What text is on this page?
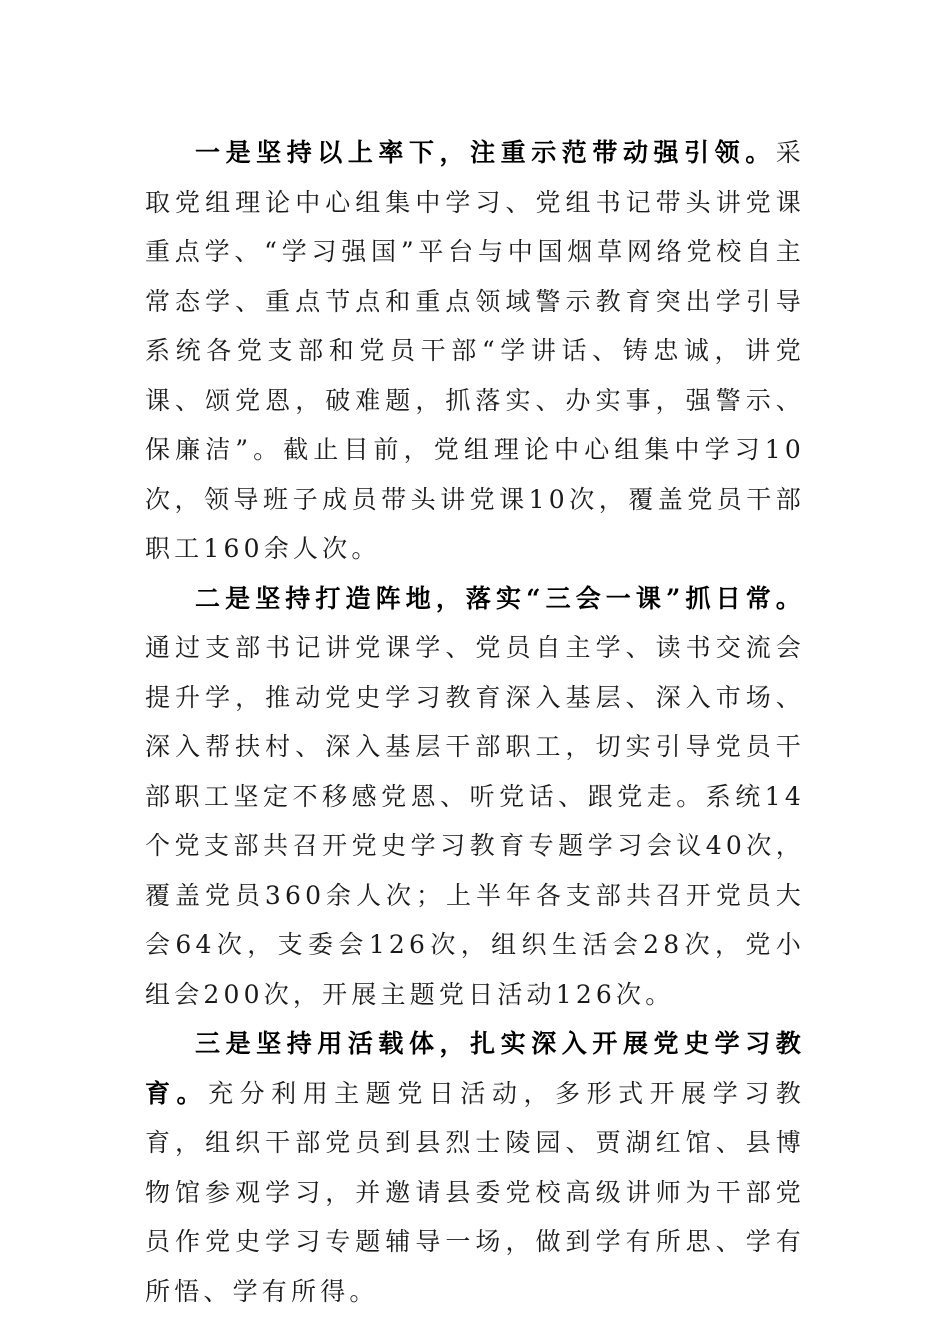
一是坚持以上率下，注重示范带动强引领。采取党组理论中心组集中学习、党组书记带头讲党课重点学、“学习强国”平台与中国烟草网络党校自主常态学、重点节点和重点领域警示教育突出学引导系统各党支部和党员干部“学讲话、铸忠诚，讲党课、颂党恩，破难题，抓落实、办实事，强警示、保廉洁”。截止目前，党组理论中心组集中学习10次，领导班子成员带头讲党课10次，覆盖党员干部职工160余人次。

二是坚持打造阵地，落实“三会一课”抓日常。通过支部书记讲党课学、党员自主学、读书交流会提升学，推动党史学习教育深入基层、深入市场、深入帮扶村、深入基层干部职工，切实引导党员干部职工坚定不移感党恩、听党话、跟党走。系统14个党支部共召开党史学习教育专题学习会议40次，覆盖党员360余人次；上半年各支部共召开党员大会64次，支委会126次，组织生活会28次，党小组会200次，开展主题党日活动126次。

三是坚持用活载体，扎实深入开展党史学习教育。充分利用主题党日活动，多形式开展学习教育，组织干部党员到县烈士陵园、贾湖红馆、县博物馆参观学习，并邀请县委党校高级讲师为干部党员作党史学习专题辅导一场，做到学有所思、学有所悟、学有所得。
